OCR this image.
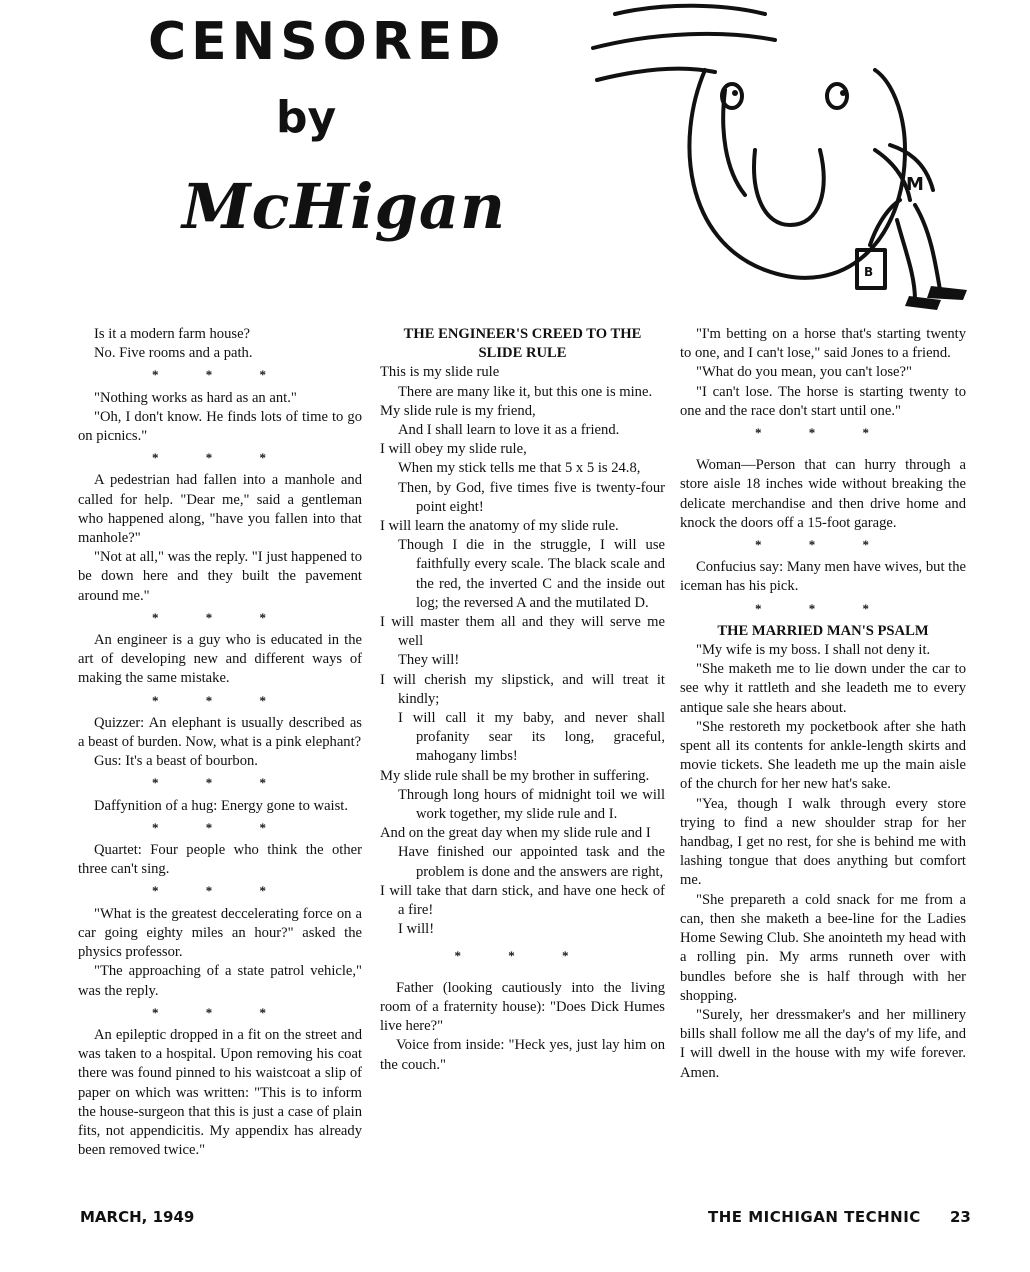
CENSORED
by
McHigan	M
B

Is it a modern farm house?

No. Five rooms and a path.

* * *

"Nothing works as hard as an ant."

"Oh, I don't know. He finds lots of time to go on picnics."

* * *

A pedestrian had fallen into a manhole and called for help. "Dear me," said a gentleman who happened along, "have you fallen into that manhole?"

"Not at all," was the reply. "I just happened to be down here and they built the pavement around me."

* * *

An engineer is a guy who is educated in the art of developing new and different ways of making the same mistake.

* * *

Quizzer: An elephant is usually described as a beast of burden. Now, what is a pink elephant?

Gus: It's a beast of bourbon.

* * *

Daffynition of a hug: Energy gone to waist.

* * *

Quartet: Four people who think the other three can't sing.

* * *

"What is the greatest deccelerating force on a car going eighty miles an hour?" asked the physics professor.

"The approaching of a state patrol vehicle," was the reply.

* * *

An epileptic dropped in a fit on the street and was taken to a hospital. Upon removing his coat there was found pinned to his waistcoat a slip of paper on which was written: "This is to inform the house-surgeon that this is just a case of plain fits, not appendicitis. My appendix has already been removed twice."

THE ENGINEER'S CREED TO THE SLIDE RULE

This is my slide rule

There are many like it, but this one is mine.

My slide rule is my friend,

And I shall learn to love it as a friend.

I will obey my slide rule,

When my stick tells me that 5 x 5 is 24.8,

Then, by God, five times five is twenty-four point eight!

I will learn the anatomy of my slide rule.

Though I die in the struggle, I will use faithfully every scale. The black scale and the red, the inverted C and the inside out log; the reversed A and the mutilated D.

I will master them all and they will serve me well

They will!

I will cherish my slipstick, and will treat it kindly;

I will call it my baby, and never shall profanity sear its long, graceful, mahogany limbs!

My slide rule shall be my brother in suffering.

Through long hours of midnight toil we will work together, my slide rule and I.

And on the great day when my slide rule and I

Have finished our appointed task and the problem is done and the answers are right,

I will take that darn stick, and have one heck of a fire!

I will!

* * *

Father (looking cautiously into the living room of a fraternity house): "Does Dick Humes live here?"

Voice from inside: "Heck yes, just lay him on the couch."

"I'm betting on a horse that's starting twenty to one, and I can't lose," said Jones to a friend.

"What do you mean, you can't lose?"

"I can't lose. The horse is starting twenty to one and the race don't start until one."

* * *

Woman—Person that can hurry through a store aisle 18 inches wide without breaking the delicate merchandise and then drive home and knock the doors off a 15-foot garage.

* * *

Confucius say: Many men have wives, but the iceman has his pick.

* * *

THE MARRIED MAN'S PSALM

"My wife is my boss. I shall not deny it.

"She maketh me to lie down under the car to see why it rattleth and she leadeth me to every antique sale she hears about.

"She restoreth my pocketbook after she hath spent all its contents for ankle-length skirts and movie tickets. She leadeth me up the main aisle of the church for her new hat's sake.

"Yea, though I walk through every store trying to find a new shoulder strap for her handbag, I get no rest, for she is behind me with lashing tongue that does anything but comfort me.

"She prepareth a cold snack for me from a can, then she maketh a bee-line for the Ladies Home Sewing Club. She anointeth my head with a rolling pin. My arms runneth over with bundles before she is half through with her shopping.

"Surely, her dressmaker's and her millinery bills shall follow me all the day's of my life, and I will dwell in the house with my wife forever. Amen.

MARCH, 1949	THE MICHIGAN TECHNIC 23
